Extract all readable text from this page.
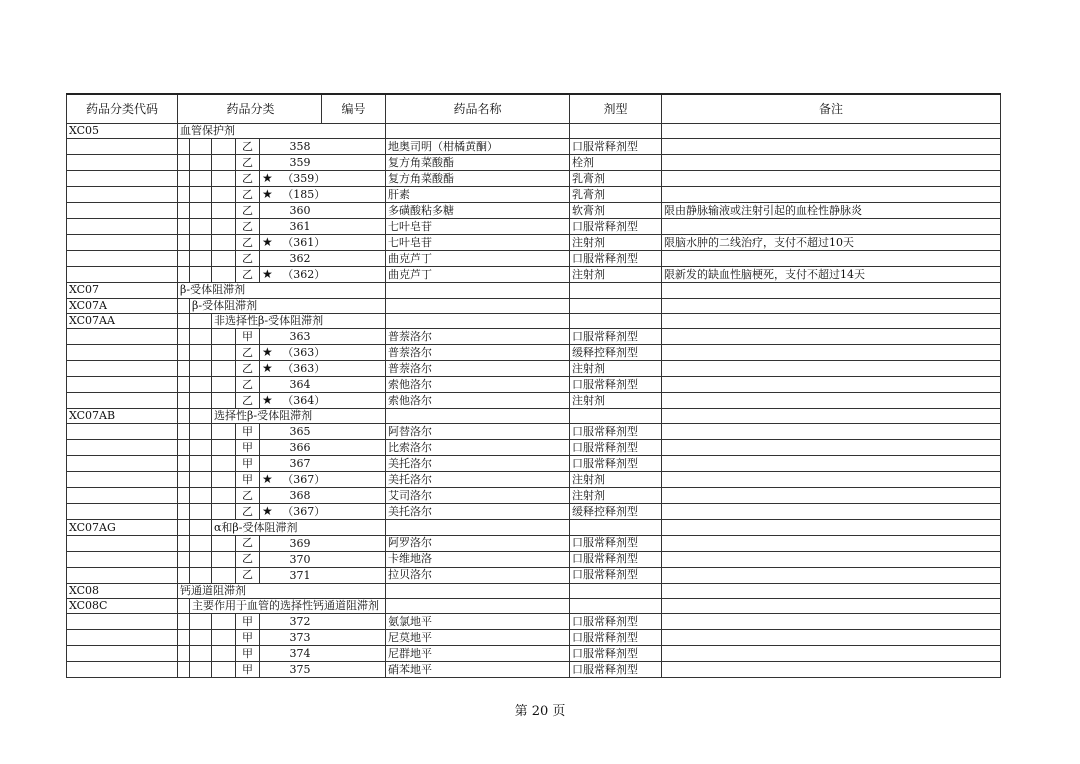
药品分类代码	药品分类					编号	药品名称	剂型	备注
XC05	血管保护剂								
				乙	358		地奥司明（柑橘黄酮）	口服常释剂型	
				乙	359		复方角菜酸酯	栓剂	
				乙	★ （359）		复方角菜酸酯	乳膏剂	
				乙	★ （185）		肝素	乳膏剂	
				乙	360		多磺酸粘多糖	软膏剂	限由静脉输液或注射引起的血栓性静脉炎
				乙	361		七叶皂苷	口服常释剂型	
				乙	★ （361）		七叶皂苷	注射剂	限脑水肿的二线治疗，支付不超过10天
				乙	362		曲克芦丁	口服常释剂型	
				乙	★ （362）		曲克芦丁	注射剂	限新发的缺血性脑梗死，支付不超过14天
XC07	β-受体阻滞剂								
XC07A		β-受体阻滞剂							
XC07AA			非选择性β-受体阻滞剂						
				甲	363		普萘洛尔	口服常释剂型	
				乙	★ （363）		普萘洛尔	缓释控释剂型	
				乙	★ （363）		普萘洛尔	注射剂	
				乙	364		索他洛尔	口服常释剂型	
				乙	★ （364）		索他洛尔	注射剂	
XC07AB			选择性β-受体阻滞剂						
				甲	365		阿替洛尔	口服常释剂型	
				甲	366		比索洛尔	口服常释剂型	
				甲	367		美托洛尔	口服常释剂型	
				甲	★ （367）		美托洛尔	注射剂	
				乙	368		艾司洛尔	注射剂	
				乙	★ （367）		美托洛尔	缓释控释剂型	
XC07AG			α和β-受体阻滞剂						
				乙	369		阿罗洛尔	口服常释剂型	
				乙	370		卡维地洛	口服常释剂型	
				乙	371		拉贝洛尔	口服常释剂型	
XC08	钙通道阻滞剂								
XC08C		主要作用于血管的选择性钙通道阻滞剂							
				甲	372		氨氯地平	口服常释剂型	
				甲	373		尼莫地平	口服常释剂型	
				甲	374		尼群地平	口服常释剂型	
				甲	375		硝苯地平	口服常释剂型	
第 20 页
